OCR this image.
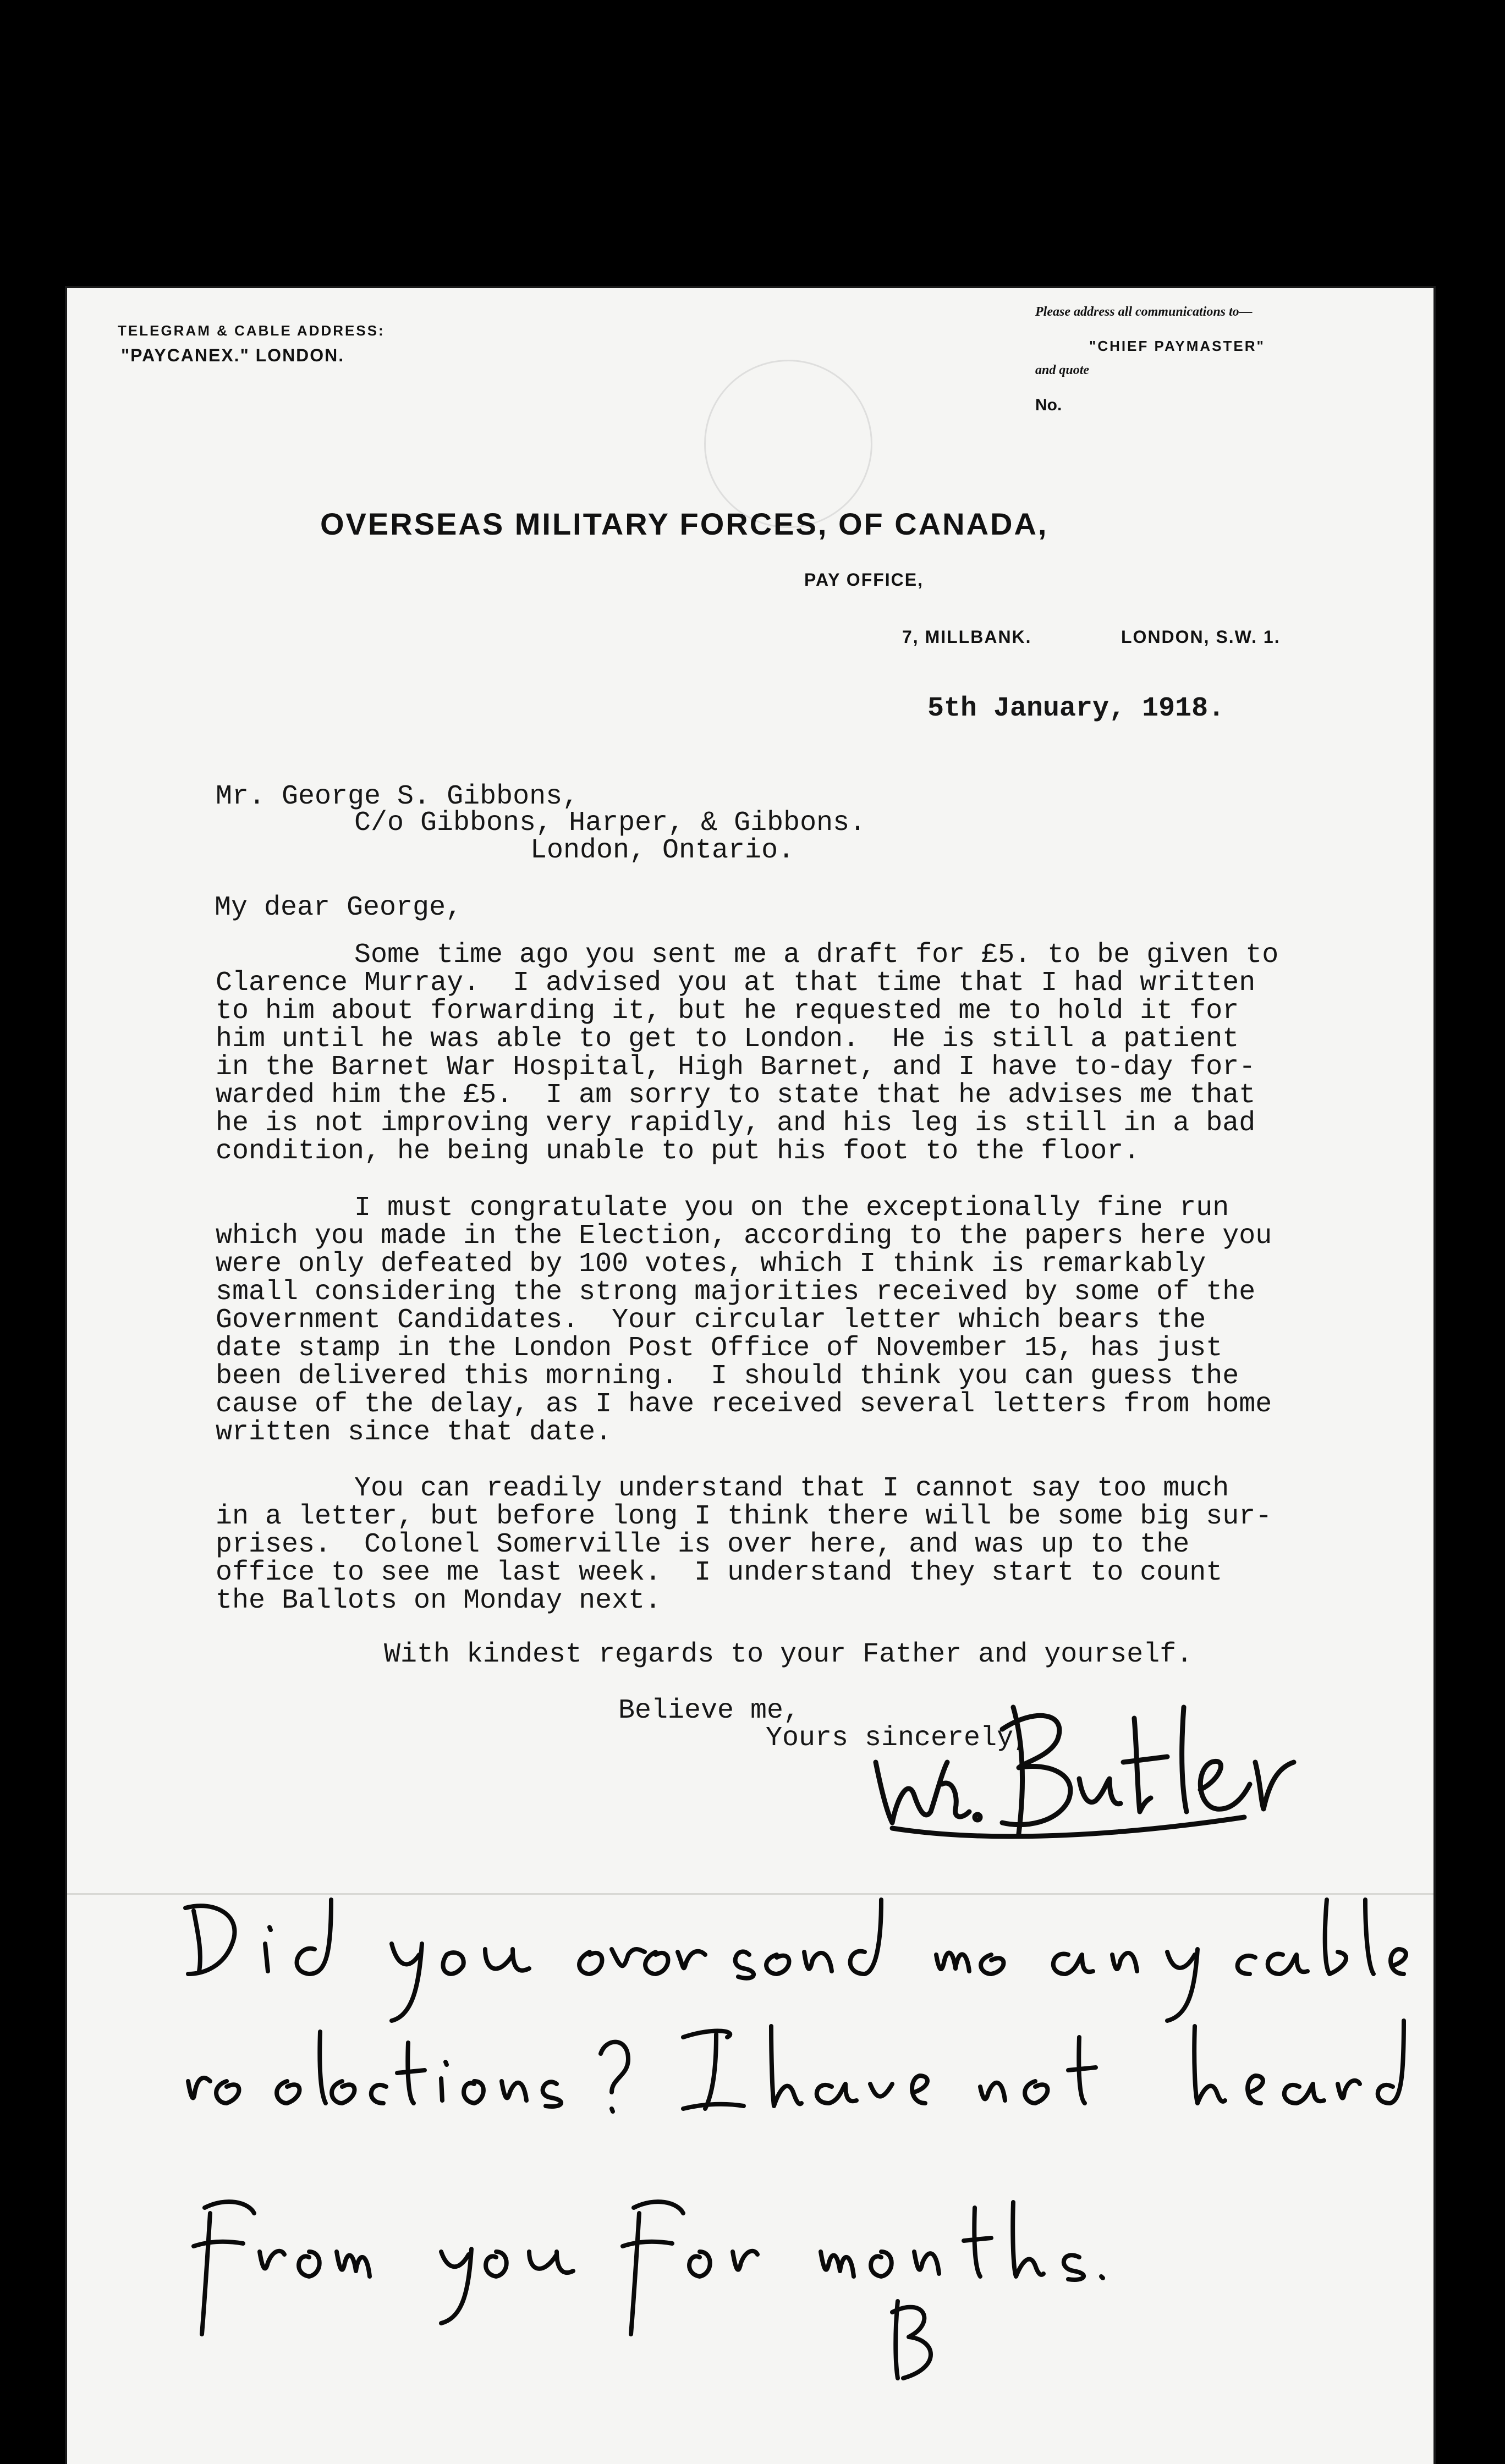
TELEGRAM & CABLE ADDRESS:
"PAYCANEX." LONDON.
Please address all communications to—
"CHIEF PAYMASTER"
and quote
No.
OVERSEAS MILITARY FORCES, OF CANADA,
PAY OFFICE,
7, MILLBANK.	LONDON, S.W. 1.
5th January, 1918.
Mr. George S. Gibbons,
C/o Gibbons, Harper, & Gibbons.
London, Ontario.
My dear George,
Some time ago you sent me a draft for £5. to be given to
Clarence Murray.  I advised you at that time that I had written
to him about forwarding it, but he requested me to hold it for
him until he was able to get to London.  He is still a patient
in the Barnet War Hospital, High Barnet, and I have to-day for-
warded him the £5.  I am sorry to state that he advises me that
he is not improving very rapidly, and his leg is still in a bad
condition, he being unable to put his foot to the floor.
I must congratulate you on the exceptionally fine run
which you made in the Election, according to the papers here you
were only defeated by 100 votes, which I think is remarkably
small considering the strong majorities received by some of the
Government Candidates.  Your circular letter which bears the
date stamp in the London Post Office of November 15, has just
been delivered this morning.  I should think you can guess the
cause of the delay, as I have received several letters from home
written since that date.
You can readily understand that I cannot say too much
in a letter, but before long I think there will be some big sur-
prises.  Colonel Somerville is over here, and was up to the
office to see me last week.  I understand they start to count
the Ballots on Monday next.
With kindest regards to your Father and yourself.
Believe me,
Yours sincerely,
